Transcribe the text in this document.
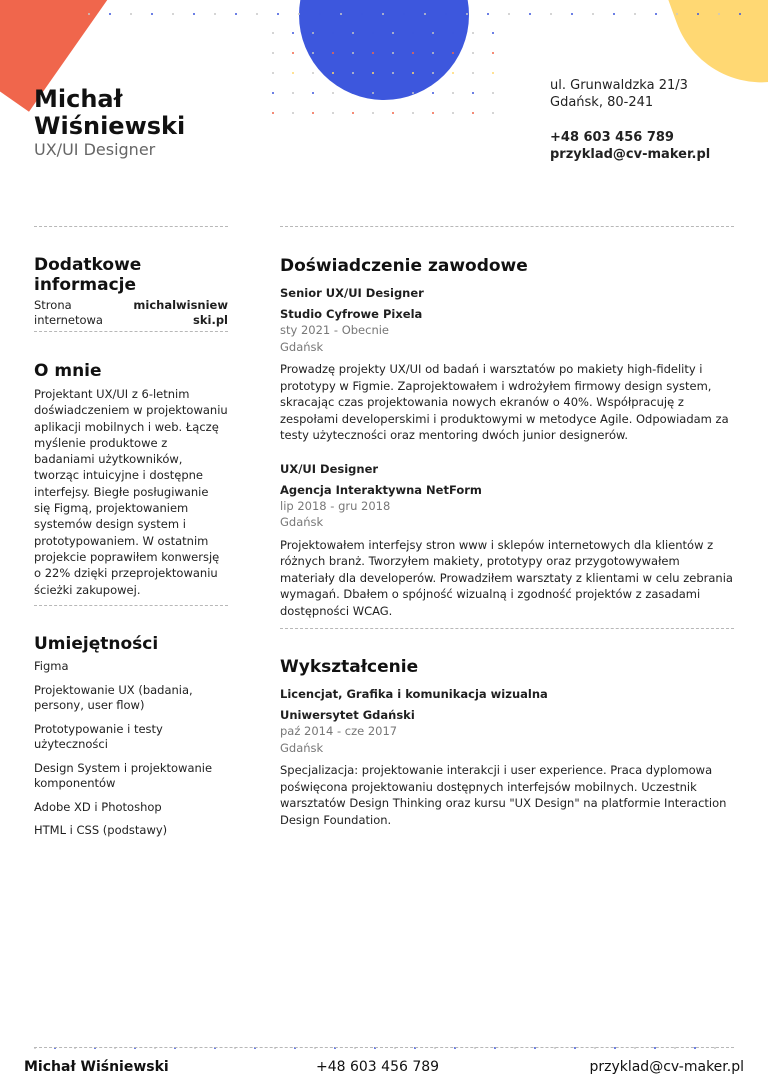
Michał
Wiśniewski
UX/UI Designer
ul. Grunwaldzka 21/3
Gdańsk, 80-241
+48 603 456 789
przyklad@cv-maker.pl
Dodatkowe informacje
Strona internetowa
michalwisniewski.pl
O mnie
Projektant UX/UI z 6-letnim doświadczeniem w projektowaniu aplikacji mobilnych i web. Łączę myślenie produktowe z badaniami użytkowników, tworząc intuicyjne i dostępne interfejsy. Biegłe posługiwanie się Figmą, projektowaniem systemów design system i prototypowaniem. W ostatnim projekcie poprawiłem konwersję o 22% dzięki przeprojektowaniu ścieżki zakupowej.
Umiejętności
Figma
Projektowanie UX (badania, persony, user flow)
Prototypowanie i testy użyteczności
Design System i projektowanie komponentów
Adobe XD i Photoshop
HTML i CSS (podstawy)
Doświadczenie zawodowe
Senior UX/UI Designer
Studio Cyfrowe Pixela
sty 2021 - Obecnie
Gdańsk
Prowadzę projekty UX/UI od badań i warsztatów po makiety high-fidelity i prototypy w Figmie. Zaprojektowałem i wdrożyłem firmowy design system, skracając czas projektowania nowych ekranów o 40%. Współpracuję z zespołami developerskimi i produktowymi w metodyce Agile. Odpowiadam za testy użyteczności oraz mentoring dwóch junior designerów.
UX/UI Designer
Agencja Interaktywna NetForm
lip 2018 - gru 2018
Gdańsk
Projektowałem interfejsy stron www i sklepów internetowych dla klientów z różnych branż. Tworzyłem makiety, prototypy oraz przygotowywałem materiały dla developerów. Prowadziłem warsztaty z klientami w celu zebrania wymagań. Dbałem o spójność wizualną i zgodność projektów z zasadami dostępności WCAG.
Wykształcenie
Licencjat, Grafika i komunikacja wizualna
Uniwersytet Gdański
paź 2014 - cze 2017
Gdańsk
Specjalizacja: projektowanie interakcji i user experience. Praca dyplomowa poświęcona projektowaniu dostępnych interfejsów mobilnych. Uczestnik warsztatów Design Thinking oraz kursu "UX Design" na platformie Interaction Design Foundation.
Michał Wiśniewski	+48 603 456 789	przyklad@cv-maker.pl
